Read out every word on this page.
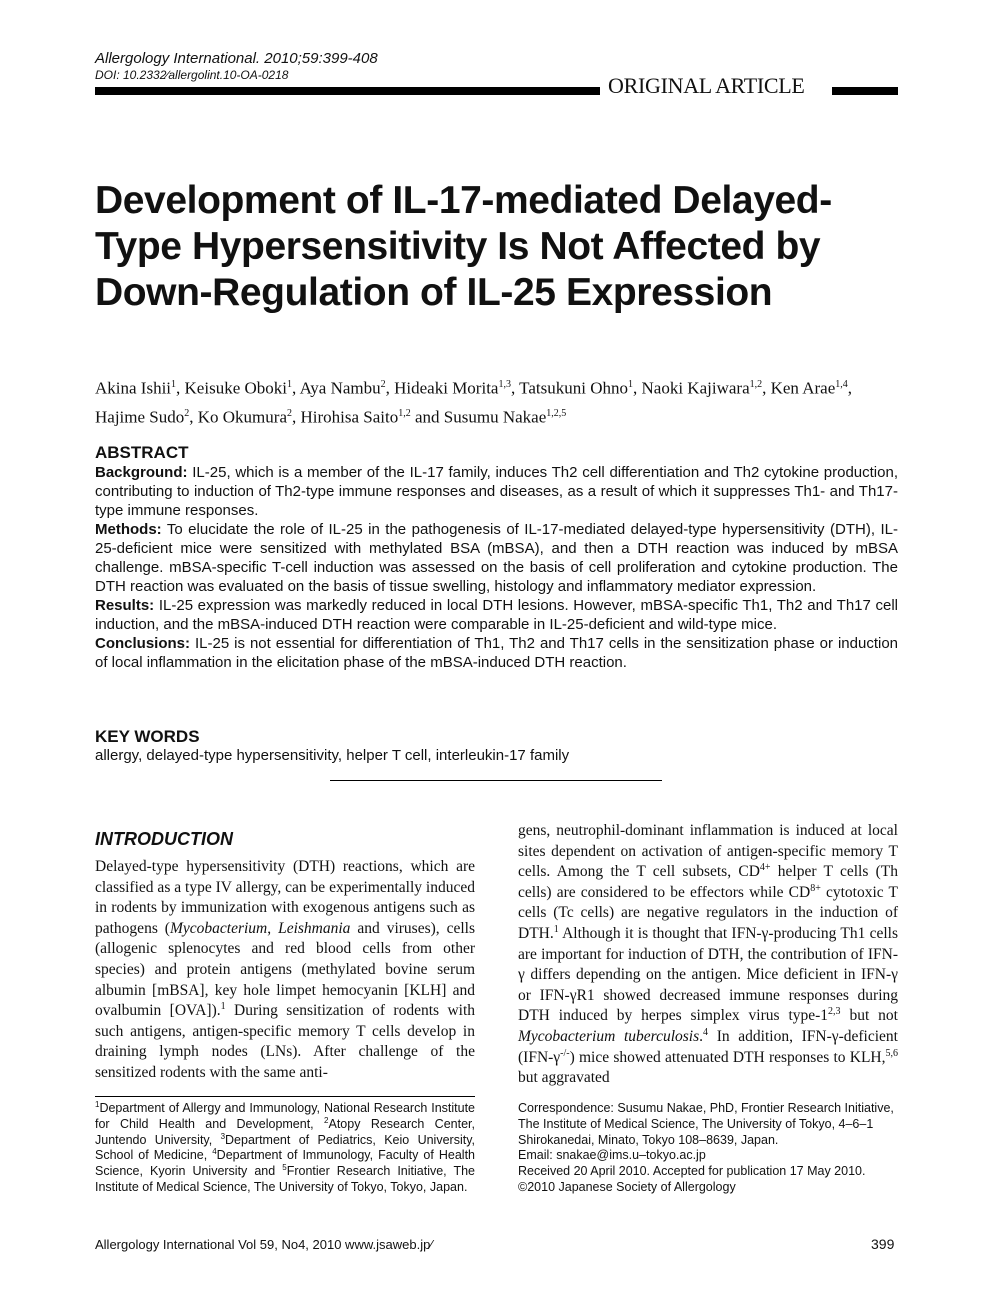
Allergology International. 2010;59:399-408
DOI: 10.2332∕allergolint.10-OA-0218	ORIGINAL ARTICLE
Development of IL-17-mediated Delayed-Type Hypersensitivity Is Not Affected by Down-Regulation of IL-25 Expression
Akina Ishii$^1$, Keisuke Oboki$^1$, Aya Nambu$^2$, Hideaki Morita$^{1,3}$, Tatsukuni Ohno$^1$, Naoki Kajiwara$^{1,2}$, Ken Arae$^{1,4}$, Hajime Sudo$^2$, Ko Okumura$^2$, Hirohisa Saito$^{1,2}$ and Susumu Nakae$^{1,2,5}$
ABSTRACT

Background: IL-25, which is a member of the IL-17 family, induces Th2 cell differentiation and Th2 cytokine production, contributing to induction of Th2-type immune responses and diseases, as a result of which it suppresses Th1- and Th17-type immune responses.

Methods: To elucidate the role of IL-25 in the pathogenesis of IL-17-mediated delayed-type hypersensitivity (DTH), IL-25-deficient mice were sensitized with methylated BSA (mBSA), and then a DTH reaction was induced by mBSA challenge. mBSA-specific T-cell induction was assessed on the basis of cell proliferation and cytokine production. The DTH reaction was evaluated on the basis of tissue swelling, histology and inflammatory mediator expression.

Results: IL-25 expression was markedly reduced in local DTH lesions. However, mBSA-specific Th1, Th2 and Th17 cell induction, and the mBSA-induced DTH reaction were comparable in IL-25-deficient and wild-type mice.

Conclusions: IL-25 is not essential for differentiation of Th1, Th2 and Th17 cells in the sensitization phase or induction of local inflammation in the elicitation phase of the mBSA-induced DTH reaction.

KEY WORDS
allergy, delayed-type hypersensitivity, helper T cell, interleukin-17 family
INTRODUCTION
Delayed-type hypersensitivity (DTH) reactions, which are classified as a type IV allergy, can be experimentally induced in rodents by immunization with exogenous antigens such as pathogens (Mycobacterium, Leishmania and viruses), cells (allogenic splenocytes and red blood cells from other species) and protein antigens (methylated bovine serum albumin [mBSA], key hole limpet hemocyanin [KLH] and ovalbumin [OVA]).$^1$ During sensitization of rodents with such antigens, antigen-specific memory T cells develop in draining lymph nodes (LNs). After challenge of the sensitized rodents with the same anti-
gens, neutrophil-dominant inflammation is induced at local sites dependent on activation of antigen-specific memory T cells. Among the T cell subsets, $CD^{4+}$ helper T cells (Th cells) are considered to be effectors while $CD^{8+}$ cytotoxic T cells (Tc cells) are negative regulators in the induction of DTH.$^1$ Although it is thought that IFN-γ-producing Th1 cells are important for induction of DTH, the contribution of IFN-γ differs depending on the antigen. Mice deficient in IFN-γ or IFN-γR1 showed decreased immune responses during DTH induced by herpes simplex virus type-1$^{2,3}$ but not Mycobacterium tuberculosis.$^4$ In addition, IFN-γ-deficient (IFN-γ-/-) mice showed attenuated DTH responses to KLH,$^{5,6}$ but aggravated
$^1$Department of Allergy and Immunology, National Research Institute for Child Health and Development, $^2$Atopy Research Center, Juntendo University, $^3$Department of Pediatrics, Keio University, School of Medicine, $^4$Department of Immunology, Faculty of Health Science, Kyorin University and $^5$Frontier Research Initiative, The Institute of Medical Science, The University of Tokyo, Tokyo, Japan.
Correspondence: Susumu Nakae, PhD, Frontier Research Initiative, The Institute of Medical Science, The University of Tokyo, 4–6–1 Shirokanedai, Minato, Tokyo 108–8639, Japan.
Email: snakae@ims.u–tokyo.ac.jp
Received 20 April 2010. Accepted for publication 17 May 2010.
©2010 Japanese Society of Allergology
Allergology International Vol 59, No4, 2010 www.jsaweb.jp∕	399
